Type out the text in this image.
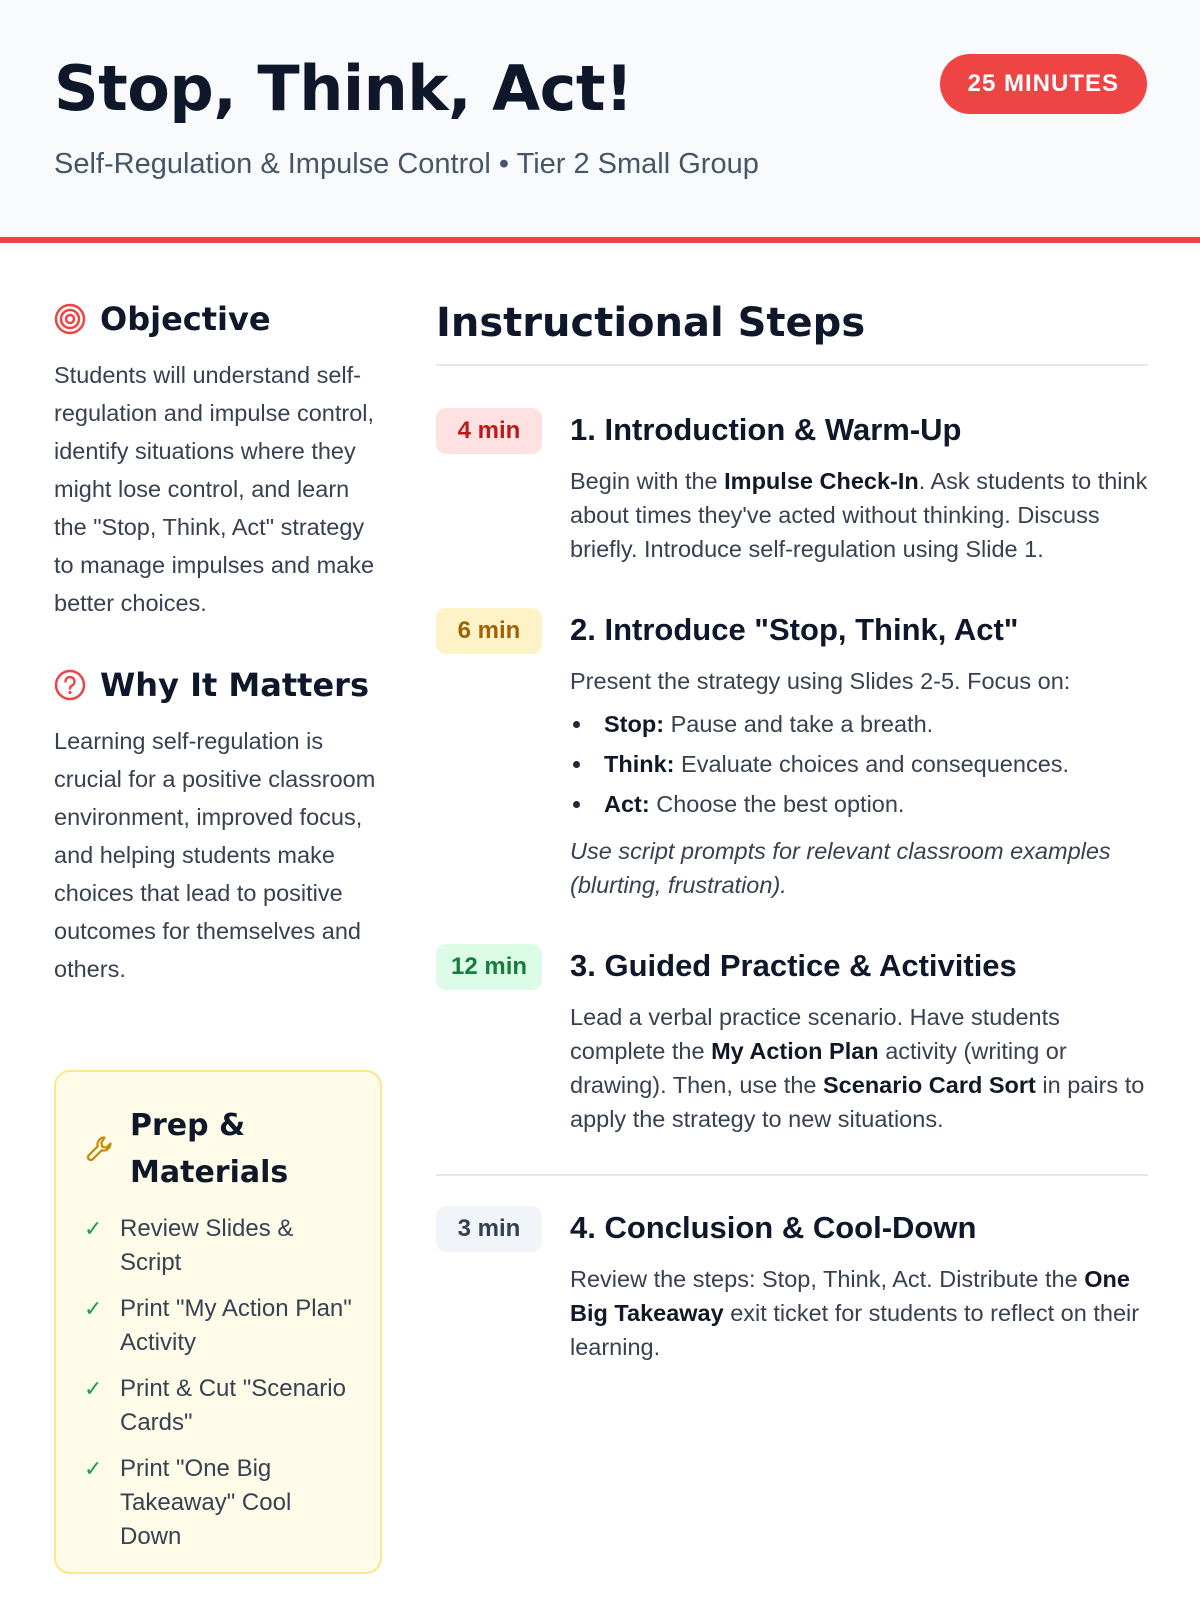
Stop, Think, Act!
Self-Regulation & Impulse Control • Tier 2 Small Group
25 MINUTES
Objective

Students will understand self-regulation and impulse control, identify situations where they might lose control, and learn the "Stop, Think, Act" strategy to manage impulses and make better choices.

Why It Matters

Learning self-regulation is crucial for a positive classroom environment, improved focus, and helping students make choices that lead to positive outcomes for themselves and others.

Prep & Materials
✓ Review Slides & Script
✓ Print "My Action Plan" Activity
✓ Print & Cut "Scenario Cards"
✓ Print "One Big Takeaway" Cool Down
Instructional Steps
4 min	1. Introduction & Warm-Up

Begin with the Impulse Check-In. Ask students to think about times they've acted without thinking. Discuss briefly. Introduce self-regulation using Slide 1.

6 min	2. Introduce "Stop, Think, Act"

Present the strategy using Slides 2-5. Focus on:

Stop: Pause and take a breath.
Think: Evaluate choices and consequences.
Act: Choose the best option.

Use script prompts for relevant classroom examples (blurting, frustration).

12 min	3. Guided Practice & Activities

Lead a verbal practice scenario. Have students complete the My Action Plan activity (writing or drawing). Then, use the Scenario Card Sort in pairs to apply the strategy to new situations.

3 min	4. Conclusion & Cool-Down

Review the steps: Stop, Think, Act. Distribute the One Big Takeaway exit ticket for students to reflect on their learning.
